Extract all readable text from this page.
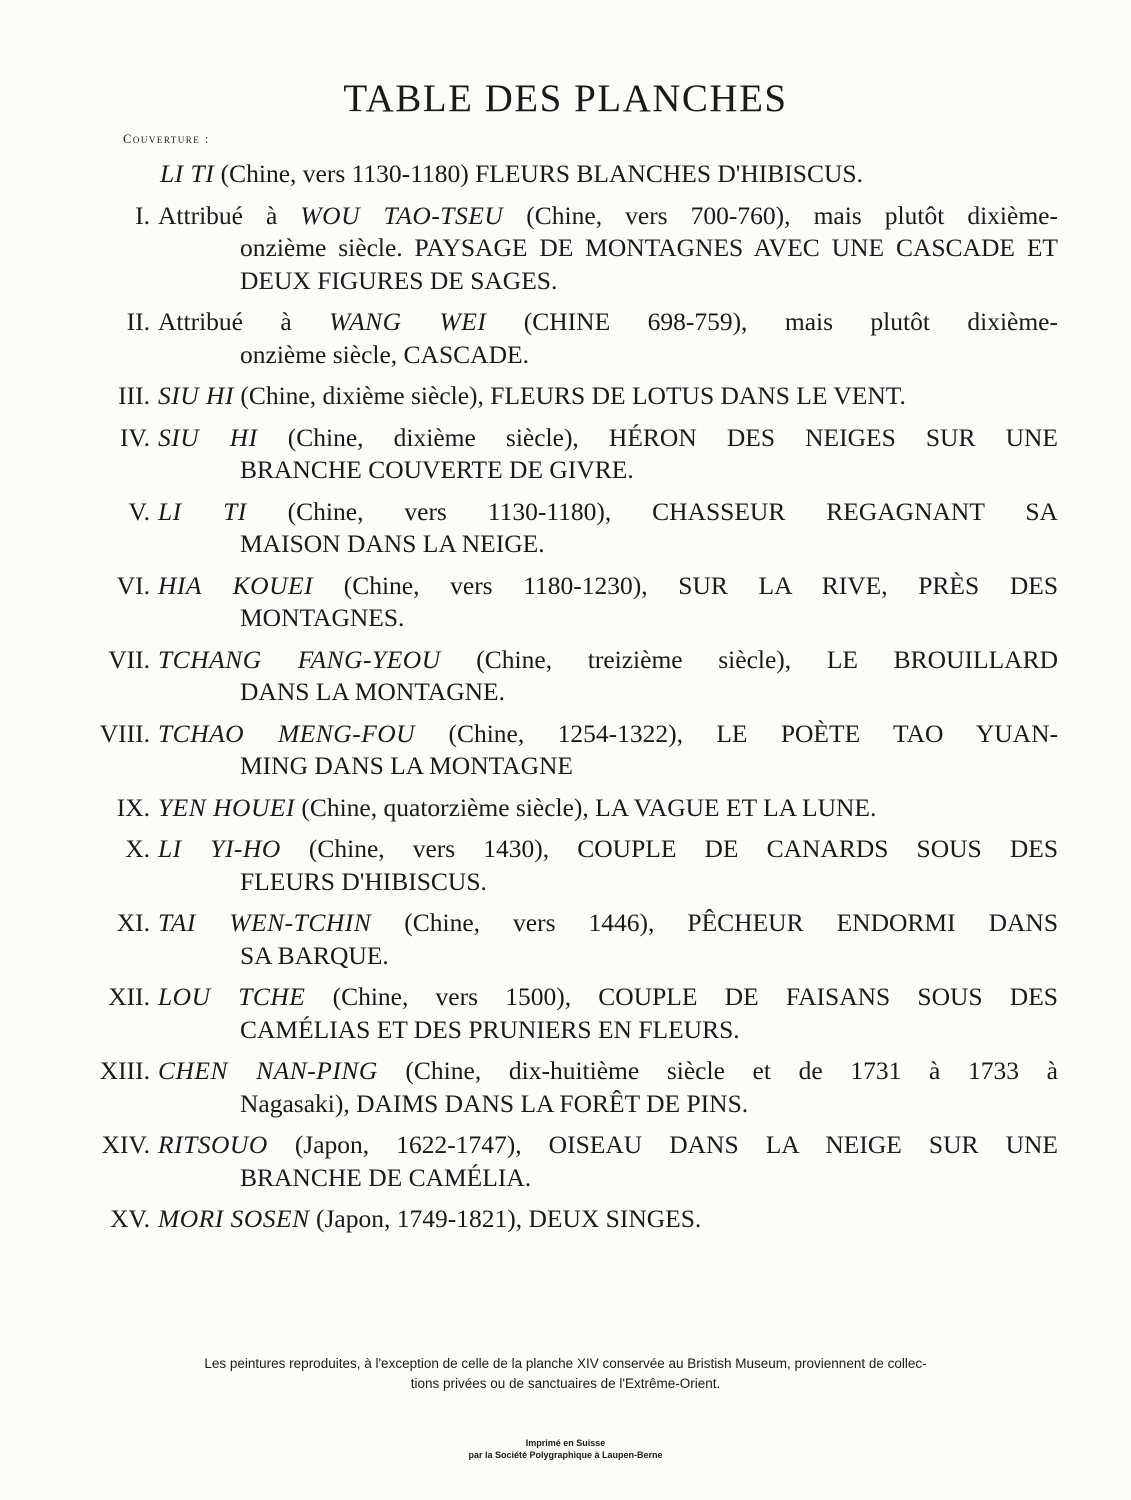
TABLE DES PLANCHES
Couverture :
LI TI (Chine, vers 1130-1180) FLEURS BLANCHES D'HIBISCUS.
I. Attribué à WOU TAO-TSEU (Chine, vers 700-760), mais plutôt dixième-
onzième siècle. PAYSAGE DE MONTAGNES AVEC UNE CASCADE ET DEUX FIGURES DE SAGES.
II. Attribué à WANG WEI (CHINE 698-759), mais plutôt dixième-
onzième siècle, CASCADE.
III. SIU HI (Chine, dixième siècle), FLEURS DE LOTUS DANS LE VENT.
IV. SIU HI (Chine, dixième siècle), HÉRON DES NEIGES SUR UNE
BRANCHE COUVERTE DE GIVRE.
V. LI TI (Chine, vers 1130-1180), CHASSEUR REGAGNANT SA
MAISON DANS LA NEIGE.
VI. HIA KOUEI (Chine, vers 1180-1230), SUR LA RIVE, PRÈS DES
MONTAGNES.
VII. TCHANG FANG-YEOU (Chine, treizième siècle), LE BROUILLARD
DANS LA MONTAGNE.
VIII. TCHAO MENG-FOU (Chine, 1254-1322), LE POÈTE TAO YUAN-
MING DANS LA MONTAGNE
IX. YEN HOUEI (Chine, quatorzième siècle), LA VAGUE ET LA LUNE.
X. LI YI-HO (Chine, vers 1430), COUPLE DE CANARDS SOUS DES
FLEURS D'HIBISCUS.
XI. TAI WEN-TCHIN (Chine, vers 1446), PÊCHEUR ENDORMI DANS
SA BARQUE.
XII. LOU TCHE (Chine, vers 1500), COUPLE DE FAISANS SOUS DES
CAMÉLIAS ET DES PRUNIERS EN FLEURS.
XIII. CHEN NAN-PING (Chine, dix-huitième siècle et de 1731 à 1733 à
Nagasaki), DAIMS DANS LA FORÊT DE PINS.
XIV. RITSOUO (Japon, 1622-1747), OISEAU DANS LA NEIGE SUR UNE
BRANCHE DE CAMÉLIA.
XV. MORI SOSEN (Japon, 1749-1821), DEUX SINGES.
Les peintures reproduites, à l'exception de celle de la planche XIV conservée au Bristish Museum, proviennent de collec-
tions privées ou de sanctuaires de l'Extrême-Orient.
Imprimé en Suisse
par la Société Polygraphique à Laupen-Berne
